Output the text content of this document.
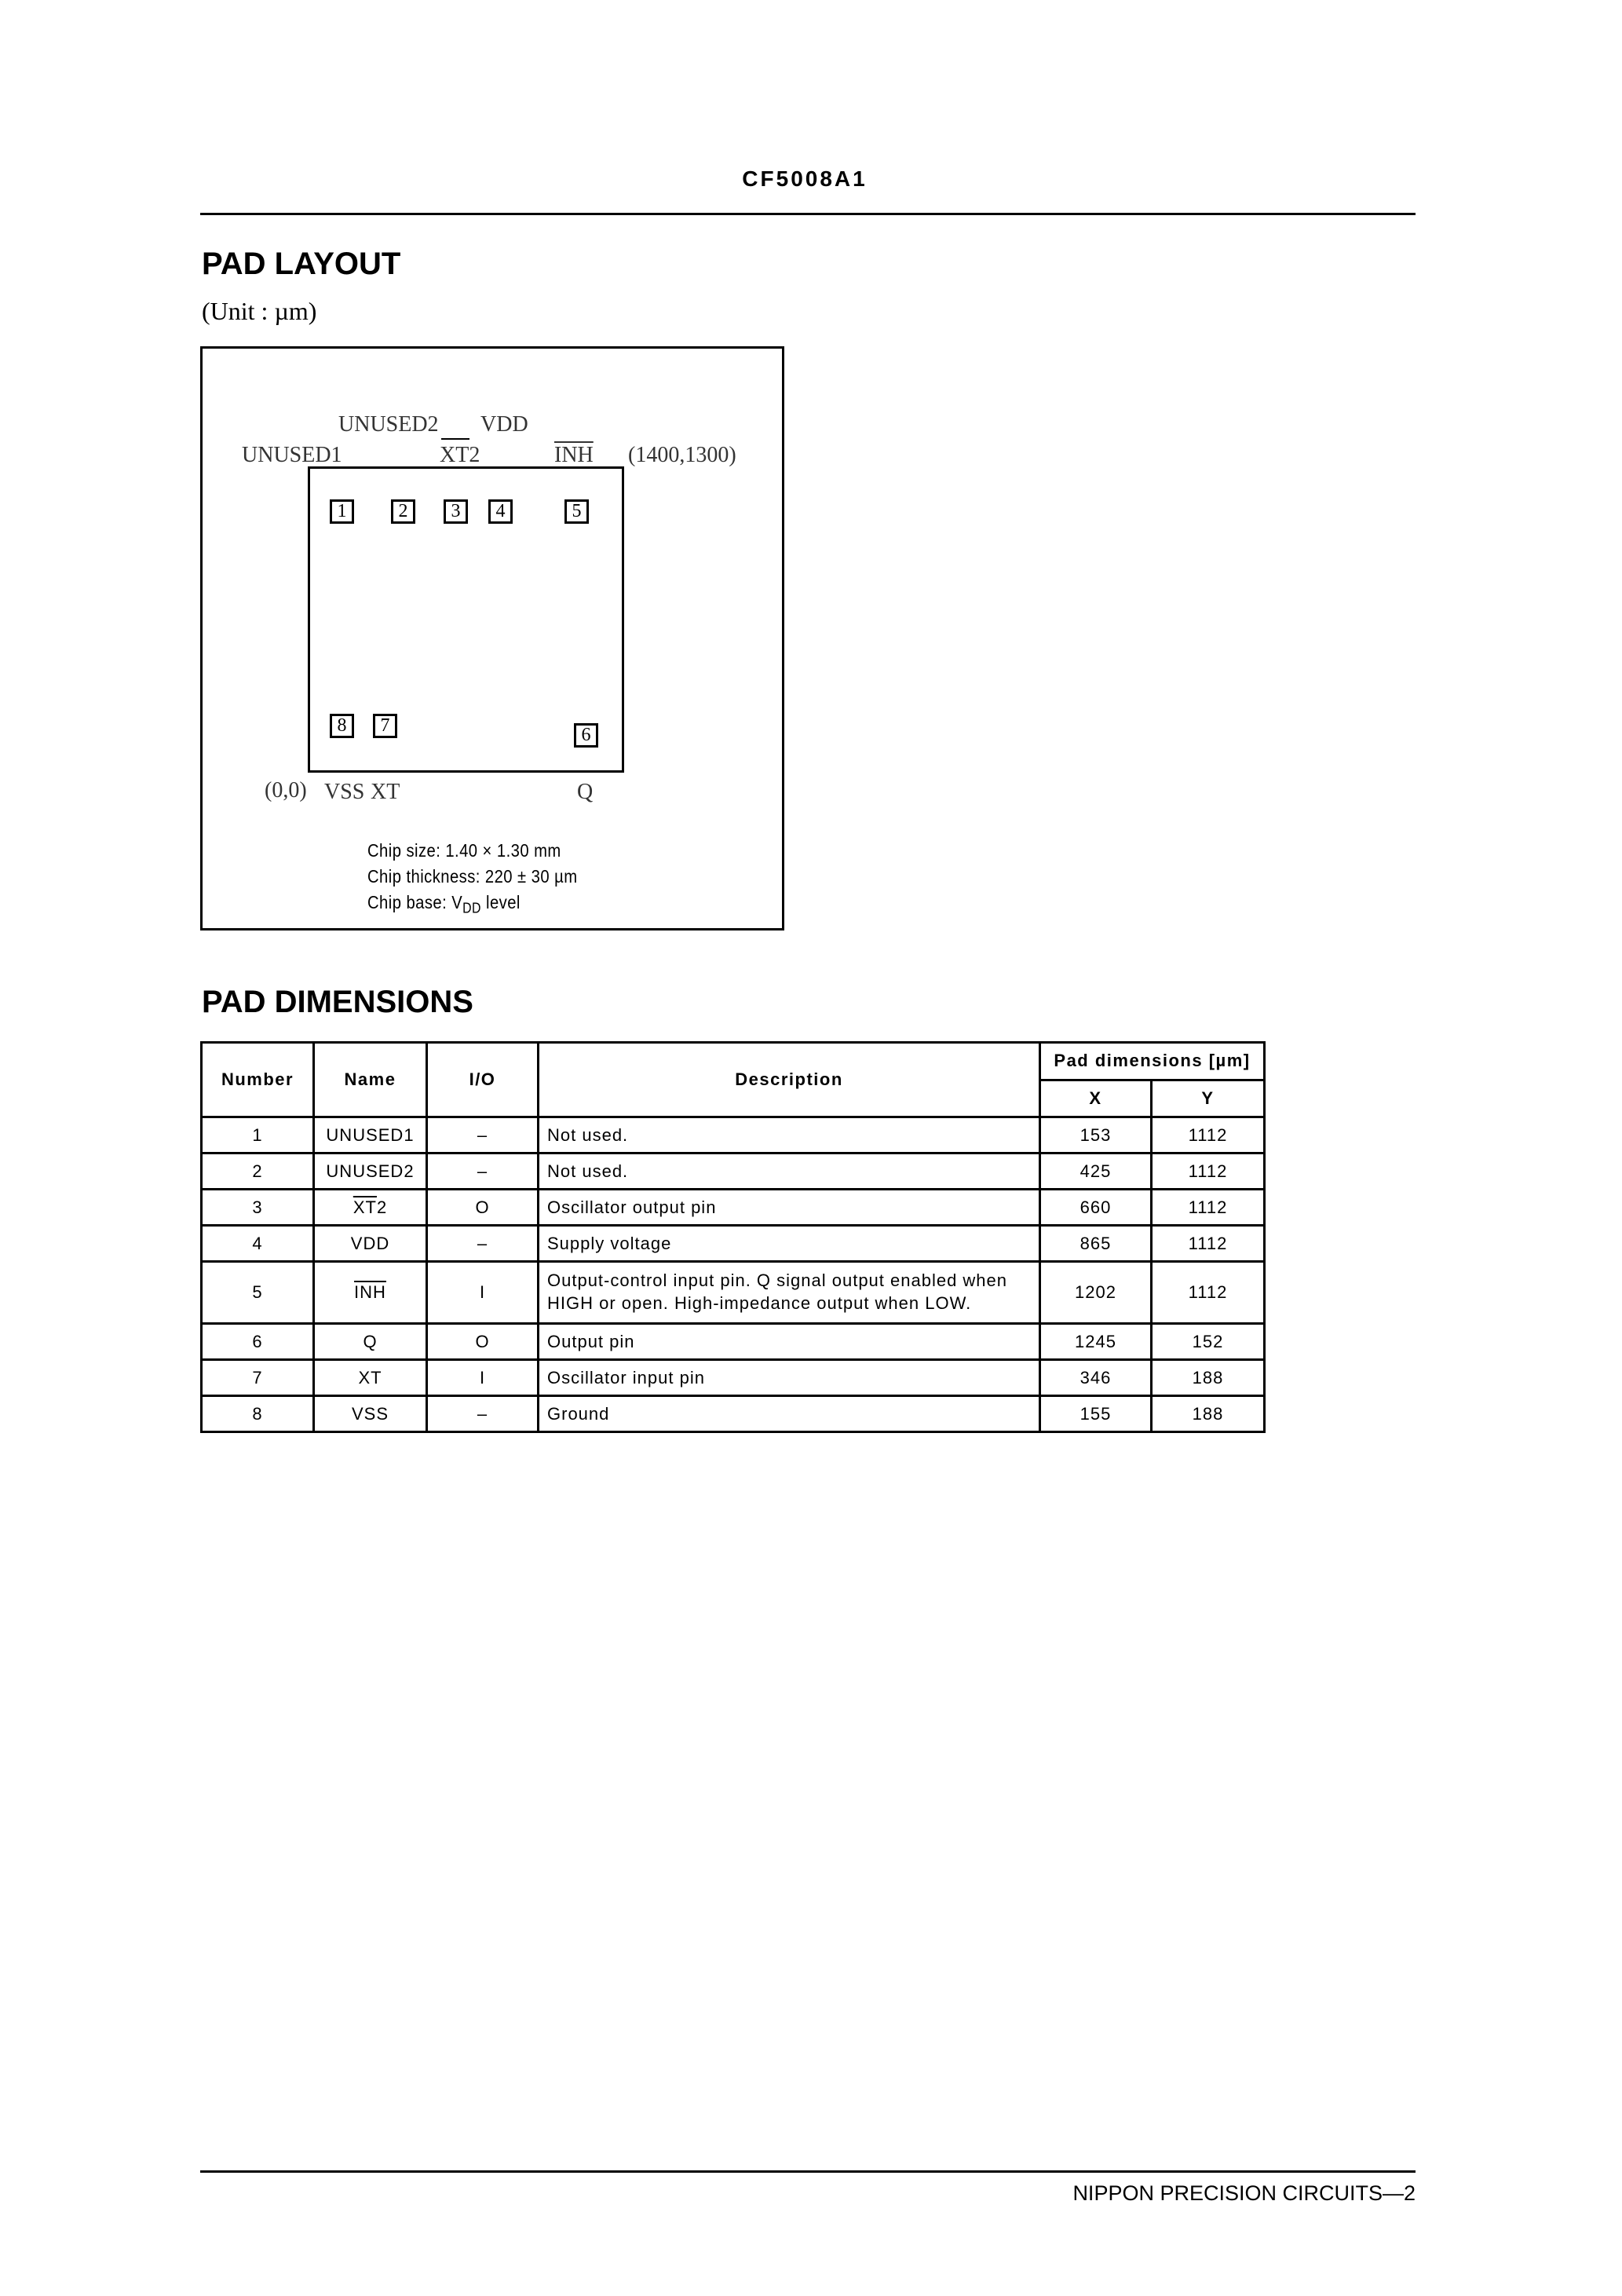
CF5008A1
PAD LAYOUT
(Unit : µm)
UNUSED2 VDD
UNUSED1	XT2	$\overline{INH}$ (1400,1300)
1	2	3	4	5
6
7
8
(0,0) VSS XT	Q
Chip size: 1.40 × 1.30 mm
Chip thickness: 220 ± 30 µm
Chip base: $V_{DD}$ level
PAD DIMENSIONS
Number	Name	I/O	Description	Pad dimensions [µm]	
				X	Y
1	UNUSED1	–	Not used.	153	1112
2	UNUSED2	–	Not used.	425	1112
3	$\overline{XT}2$	O	Oscillator output pin	660	1112
4	VDD	–	Supply voltage	865	1112
5	$\overline{INH}$	I	Output-control input pin. Q signal output enabled when HIGH or open. High-impedance output when LOW.	1202	1112
6	Q	O	Output pin	1245	152
7	XT	I	Oscillator input pin	346	188
8	VSS	–	Ground	155	188
NIPPON PRECISION CIRCUITS—2
